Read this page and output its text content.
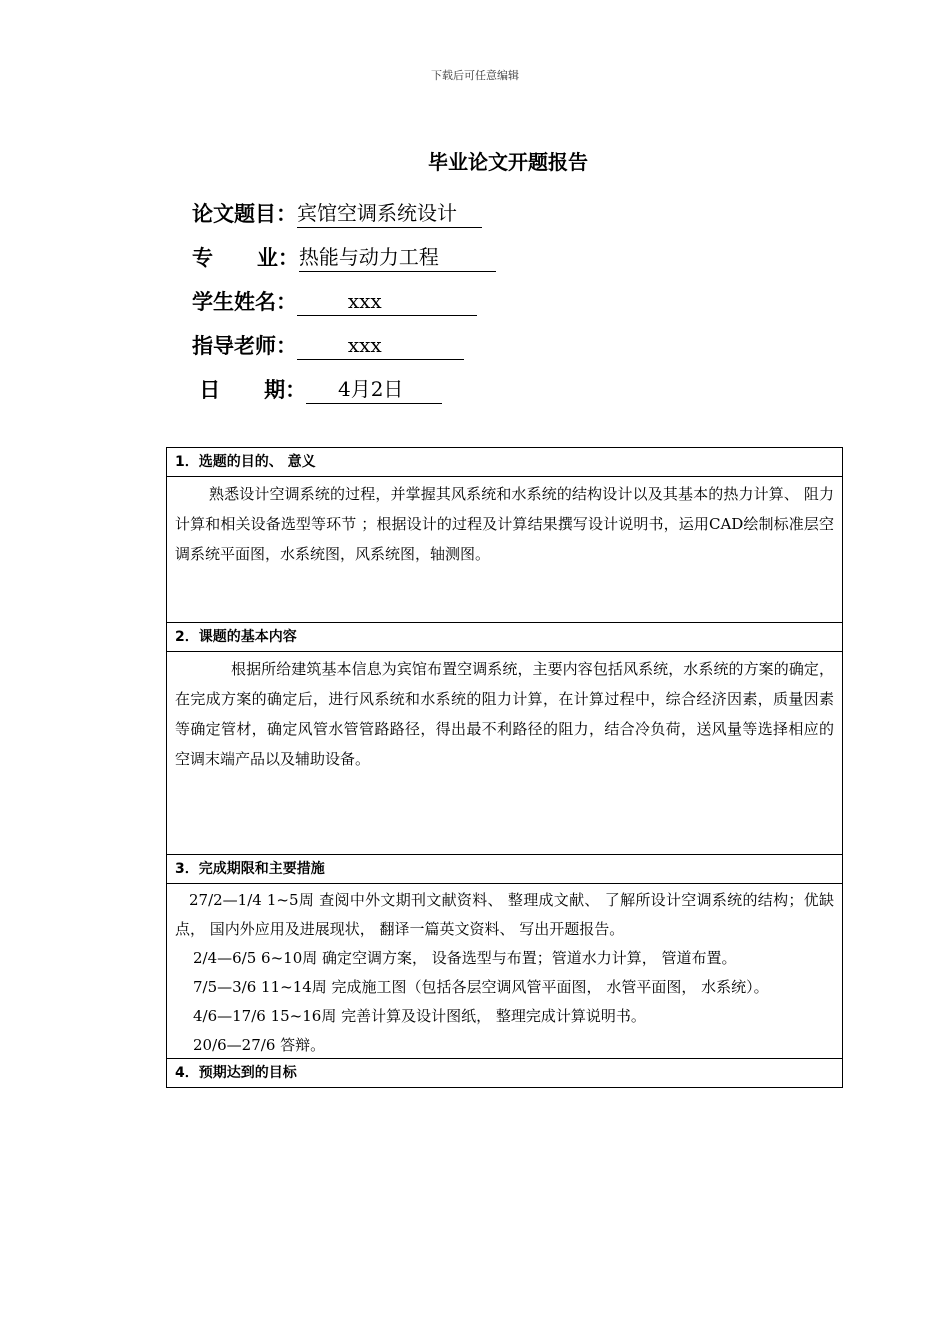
下载后可任意编辑
毕业论文开题报告
论文题目： 宾馆空调系统设计
专      业： 热能与动力工程
学生姓名： xxx
指导老师： xxx
日      期： 4月2日
1．选题的目的、 意义

熟悉设计空调系统的过程，并掌握其风系统和水系统的结构设计以及其基本的热力计算、 阻力计算和相关设备选型等环节 ；根据设计的过程及计算结果撰写设计说明书，运用CAD绘制标准层空调系统平面图，水系统图，风系统图，轴测图。

2．课题的基本内容

根据所给建筑基本信息为宾馆布置空调系统，主要内容包括风系统，水系统的方案的确定，在完成方案的确定后，进行风系统和水系统的阻力计算，在计算过程中，综合经济因素，质量因素等确定管材，确定风管水管管路路径，得出最不利路径的阻力，结合冷负荷，送风量等选择相应的空调末端产品以及辅助设备。

3．完成期限和主要措施

27/2—1/4 1~5周 查阅中外文期刊文献资料、 整理成文献、 了解所设计空调系统的结构；优缺点， 国内外应用及进展现状， 翻译一篇英文资料、 写出开题报告。

2/4—6/5 6~10周 确定空调方案， 设备选型与布置；管道水力计算， 管道布置。

7/5—3/6 11~14周 完成施工图（包括各层空调风管平面图， 水管平面图， 水系统）。

4/6—17/6 15~16周 完善计算及设计图纸， 整理完成计算说明书。

20/6—27/6 答辩。

4．预期达到的目标
